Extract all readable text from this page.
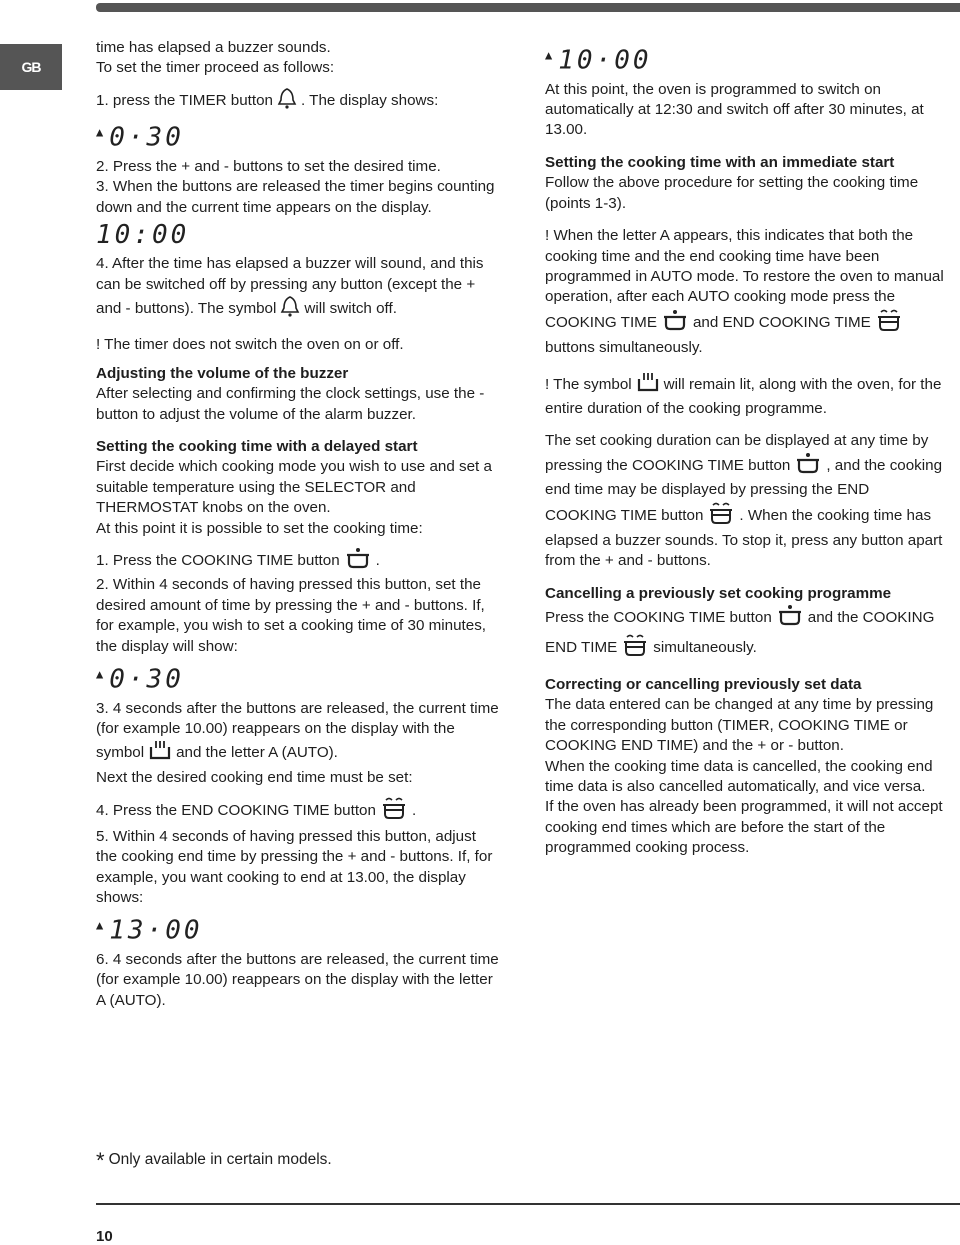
GB

time has elapsed a buzzer sounds.

To set the timer proceed as follows:

1. press the TIMER button . The display shows:

▲ 0·30

2. Press the + and - buttons to set the desired time.

3. When the buttons are released the timer begins counting down and the current time appears on the display.

10:00

4. After the time has elapsed a buzzer will sound, and this can be switched off by pressing any button (except the + and - buttons). The symbol will switch off.

! The timer does not switch the oven on or off.

Adjusting the volume of the buzzer

After selecting and confirming the clock settings, use the - button to adjust the volume of the alarm buzzer.

Setting the cooking time with a delayed start

First decide which cooking mode you wish to use and set a suitable temperature using the SELECTOR and THERMOSTAT knobs on the oven.

At this point it is possible to set the cooking time:

1. Press the COOKING TIME button .

2. Within 4 seconds of having pressed this button, set the desired amount of time by pressing the + and - buttons. If, for example, you wish to set a cooking time of 30 minutes, the display will show:

▲ 0·30

3. 4 seconds after the buttons are released, the current time (for example 10.00) reappears on the display with the symbol and the letter A (AUTO).

Next the desired cooking end time must be set:

4. Press the END COOKING TIME button .

5. Within 4 seconds of having pressed this button, adjust the cooking end time by pressing the + and - buttons. If, for example, you want cooking to end at 13.00, the display shows:

▲ 13·00

6. 4 seconds after the buttons are released, the current time (for example 10.00) reappears on the display with the letter A (AUTO).

▲ 10·00

At this point, the oven is programmed to switch on automatically at 12:30 and switch off after 30 minutes, at 13.00.

Setting the cooking time with an immediate start

Follow the above procedure for setting the cooking time (points 1-3).

! When the letter A appears, this indicates that both the cooking time and the end cooking time have been programmed in AUTO mode. To restore the oven to manual operation, after each AUTO cooking mode press the COOKING TIME and END COOKING TIMEbuttons simultaneously.

! The symbol will remain lit, along with the oven, for the entire duration of the cooking programme.

The set cooking duration can be displayed at any time by pressing the COOKING TIME button , and the cooking end time may be displayed by pressing the END COOKING TIME button . When the cooking time has elapsed a buzzer sounds. To stop it, press any button apart from the + and - buttons.

Cancelling a previously set cooking programme

Press the COOKING TIME button and the COOKING END TIME simultaneously.

Correcting or cancelling previously set data

The data entered can be changed at any time by pressing the corresponding button (TIMER, COOKING TIME or COOKING END TIME) and the + or - button.

When the cooking time data is cancelled, the cooking end time data is also cancelled automatically, and vice versa.

If the oven has already been programmed, it will not accept cooking end times which are before the start of the programmed cooking process.

* Only available in certain models.
10
